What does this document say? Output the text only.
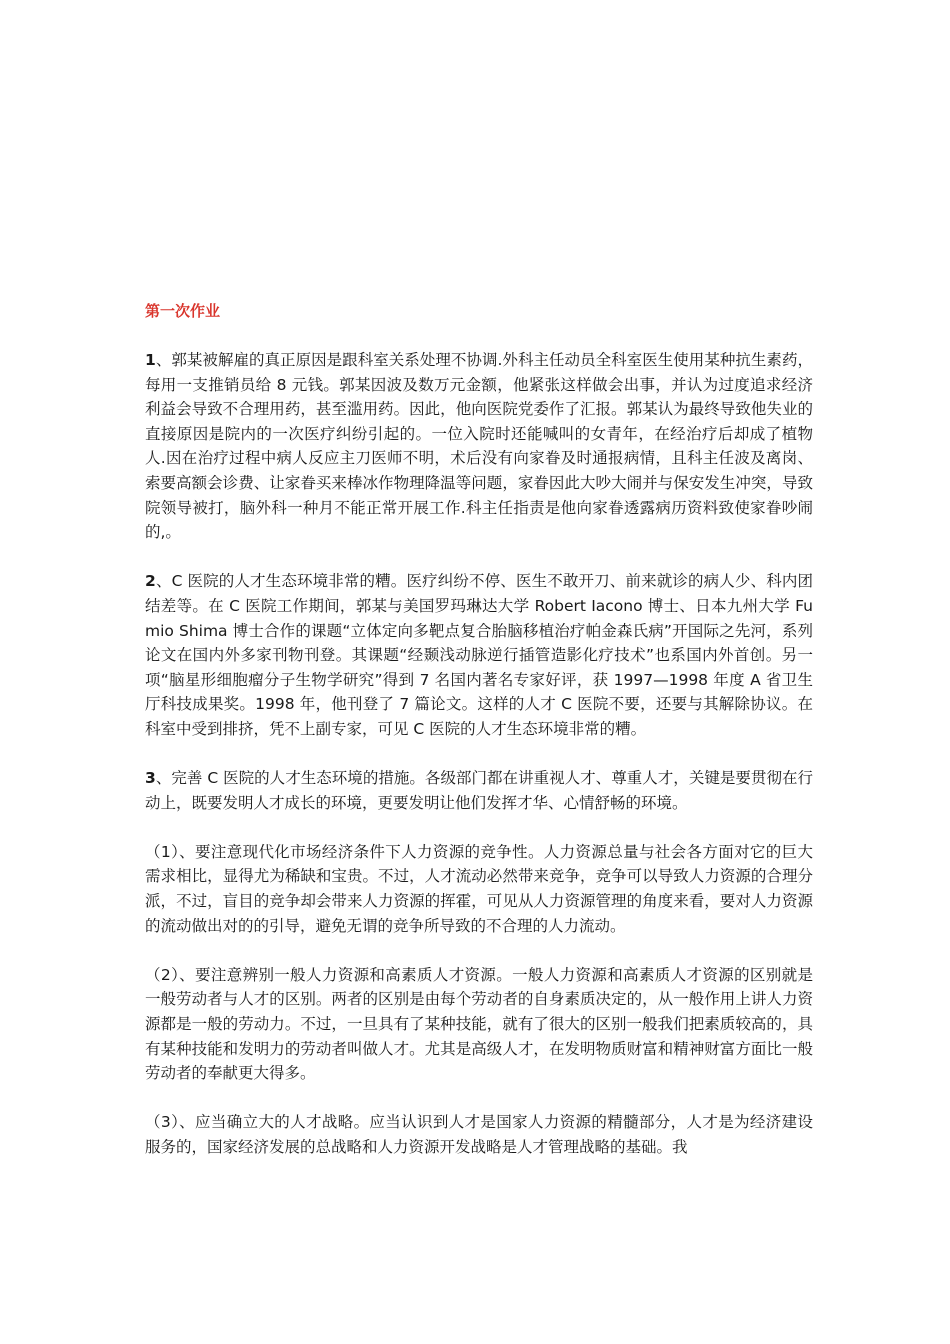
第一次作业

1、郭某被解雇的真正原因是跟科室关系处理不协调.外科主任动员全科室医生使用某种抗生素药，每用一支推销员给 8 元钱。郭某因波及数万元金额，他紧张这样做会出事，并认为过度追求经济利益会导致不合理用药，甚至滥用药。因此，他向医院党委作了汇报。郭某认为最终导致他失业的直接原因是院内的一次医疗纠纷引起的。一位入院时还能喊叫的女青年，在经治疗后却成了植物人.因在治疗过程中病人反应主刀医师不明，术后没有向家眷及时通报病情，且科主任波及离岗、索要高额会诊费、让家眷买来棒冰作物理降温等问题，家眷因此大吵大闹并与保安发生冲突，导致院领导被打，脑外科一种月不能正常开展工作.科主任指责是他向家眷透露病历资料致使家眷吵闹的,。

2、C 医院的人才生态环境非常的糟。医疗纠纷不停、医生不敢开刀、前来就诊的病人少、科内团结差等。在 C 医院工作期间，郭某与美国罗玛琳达大学 Robert Iacono 博士、日本九州大学 Fumio Shima 博士合作的课题“立体定向多靶点复合胎脑移植治疗帕金森氏病”开国际之先河，系列论文在国内外多家刊物刊登。其课题“经颞浅动脉逆行插管造影化疗技术”也系国内外首创。另一项“脑星形细胞瘤分子生物学研究”得到 7 名国内著名专家好评，获 1997—1998 年度 A 省卫生厅科技成果奖。1998 年，他刊登了 7 篇论文。这样的人才 C 医院不要，还要与其解除协议。在科室中受到排挤，凭不上副专家，可见 C 医院的人才生态环境非常的糟。

3、完善 C 医院的人才生态环境的措施。各级部门都在讲重视人才、尊重人才，关键是要贯彻在行动上，既要发明人才成长的环境，更要发明让他们发挥才华、心情舒畅的环境。

（1）、要注意现代化市场经济条件下人力资源的竞争性。人力资源总量与社会各方面对它的巨大需求相比，显得尤为稀缺和宝贵。不过，人才流动必然带来竞争，竞争可以导致人力资源的合理分派，不过，盲目的竞争却会带来人力资源的挥霍，可见从人力资源管理的角度来看，要对人力资源的流动做出对的的引导，避免无谓的竞争所导致的不合理的人力流动。

（2）、要注意辨别一般人力资源和高素质人才资源。一般人力资源和高素质人才资源的区别就是一般劳动者与人才的区别。两者的区别是由每个劳动者的自身素质决定的，从一般作用上讲人力资源都是一般的劳动力。不过，一旦具有了某种技能，就有了很大的区别一般我们把素质较高的，具有某种技能和发明力的劳动者叫做人才。尤其是高级人才，在发明物质财富和精神财富方面比一般劳动者的奉献更大得多。

（3）、应当确立大的人才战略。应当认识到人才是国家人力资源的精髓部分，人才是为经济建设服务的，国家经济发展的总战略和人力资源开发战略是人才管理战略的基础。我
